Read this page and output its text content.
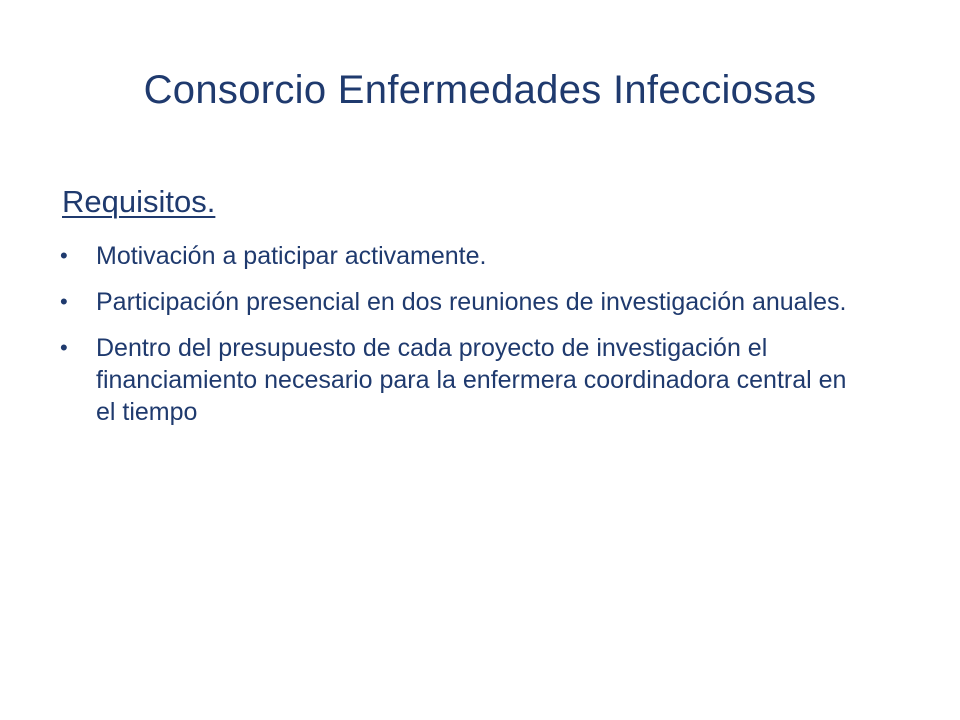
Consorcio Enfermedades Infecciosas
Requisitos.
•	Motivación a paticipar activamente.
•	Participación presencial en dos reuniones de investigación anuales.
•	Dentro del presupuesto de cada proyecto de investigación el financiamiento necesario para la enfermera coordinadora central en el tiempo
